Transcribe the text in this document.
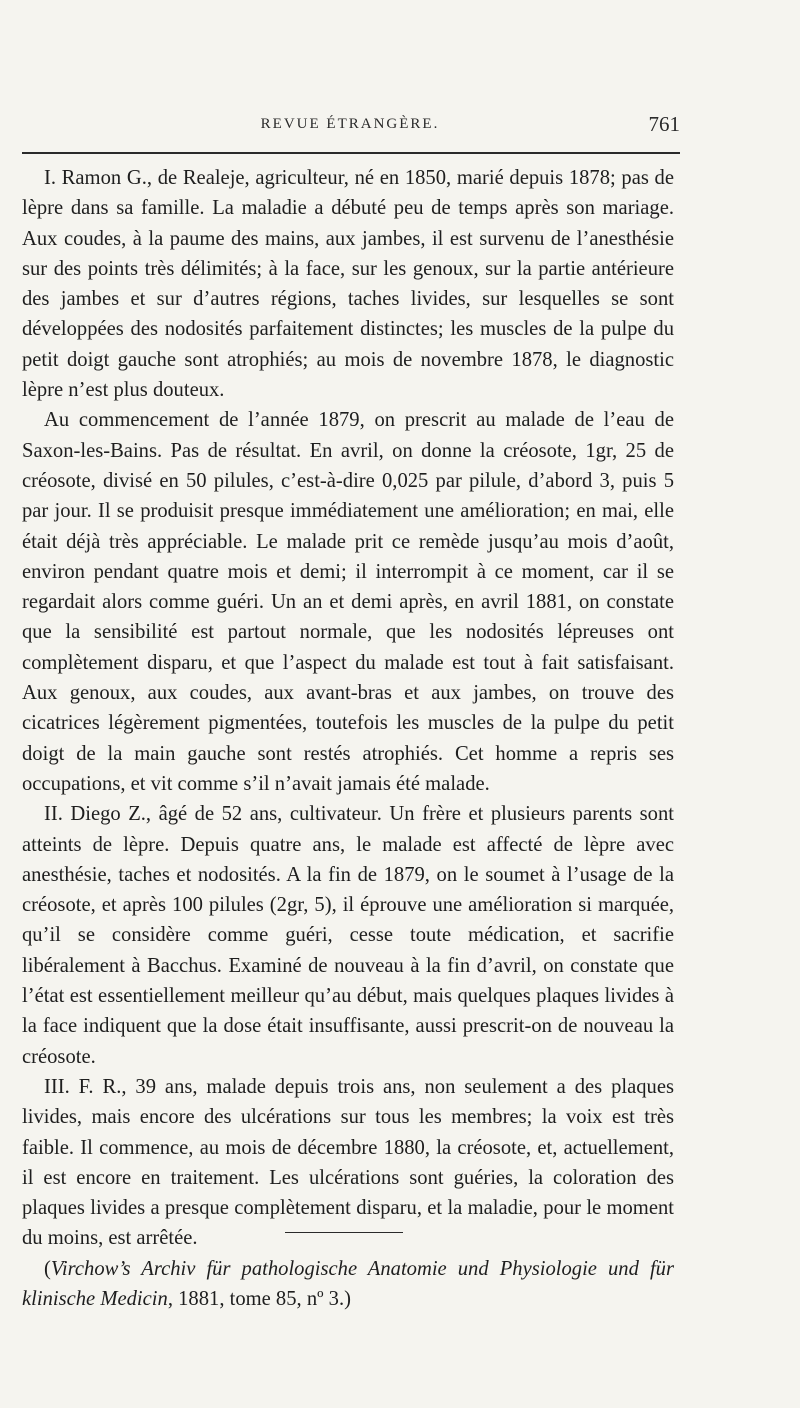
REVUE ÉTRANGÈRE.	761

I. Ramon G., de Realeje, agriculteur, né en 1850, marié depuis 1878; pas de lèpre dans sa famille. La maladie a débuté peu de temps après son mariage. Aux coudes, à la paume des mains, aux jambes, il est survenu de l’anesthésie sur des points très délimités; à la face, sur les genoux, sur la partie antérieure des jambes et sur d’autres régions, taches livides, sur lesquelles se sont développées des nodosités parfaitement distinctes; les muscles de la pulpe du petit doigt gauche sont atrophiés; au mois de novembre 1878, le diagnostic lèpre n’est plus douteux.

Au commencement de l’année 1879, on prescrit au malade de l’eau de Saxon-les-Bains. Pas de résultat. En avril, on donne la créosote, 1gr, 25 de créosote, divisé en 50 pilules, c’est-à-dire 0,025 par pilule, d’abord 3, puis 5 par jour. Il se produisit presque immédiatement une amélioration; en mai, elle était déjà très appréciable. Le malade prit ce remède jusqu’au mois d’août, environ pendant quatre mois et demi; il interrompit à ce moment, car il se regardait alors comme guéri. Un an et demi après, en avril 1881, on constate que la sensibilité est partout normale, que les nodosités lépreuses ont complètement disparu, et que l’aspect du malade est tout à fait satisfaisant. Aux genoux, aux coudes, aux avant-bras et aux jambes, on trouve des cicatrices légèrement pigmentées, toutefois les muscles de la pulpe du petit doigt de la main gauche sont restés atrophiés. Cet homme a repris ses occupations, et vit comme s’il n’avait jamais été malade.

II. Diego Z., âgé de 52 ans, cultivateur. Un frère et plusieurs parents sont atteints de lèpre. Depuis quatre ans, le malade est affecté de lèpre avec anesthésie, taches et nodosités. A la fin de 1879, on le soumet à l’usage de la créosote, et après 100 pilules (2gr, 5), il éprouve une amélioration si marquée, qu’il se considère comme guéri, cesse toute médication, et sacrifie libéralement à Bacchus. Examiné de nouveau à la fin d’avril, on constate que l’état est essentiellement meilleur qu’au début, mais quelques plaques livides à la face indiquent que la dose était insuffisante, aussi prescrit-on de nouveau la créosote.

III. F. R., 39 ans, malade depuis trois ans, non seulement a des plaques livides, mais encore des ulcérations sur tous les membres; la voix est très faible. Il commence, au mois de décembre 1880, la créosote, et, actuellement, il est encore en traitement. Les ulcérations sont guéries, la coloration des plaques livides a presque complètement disparu, et la maladie, pour le moment du moins, est arrêtée.

(Virchow’s Archiv für pathologische Anatomie und Physiologie und für klinische Medicin, 1881, tome 85, nº 3.)
